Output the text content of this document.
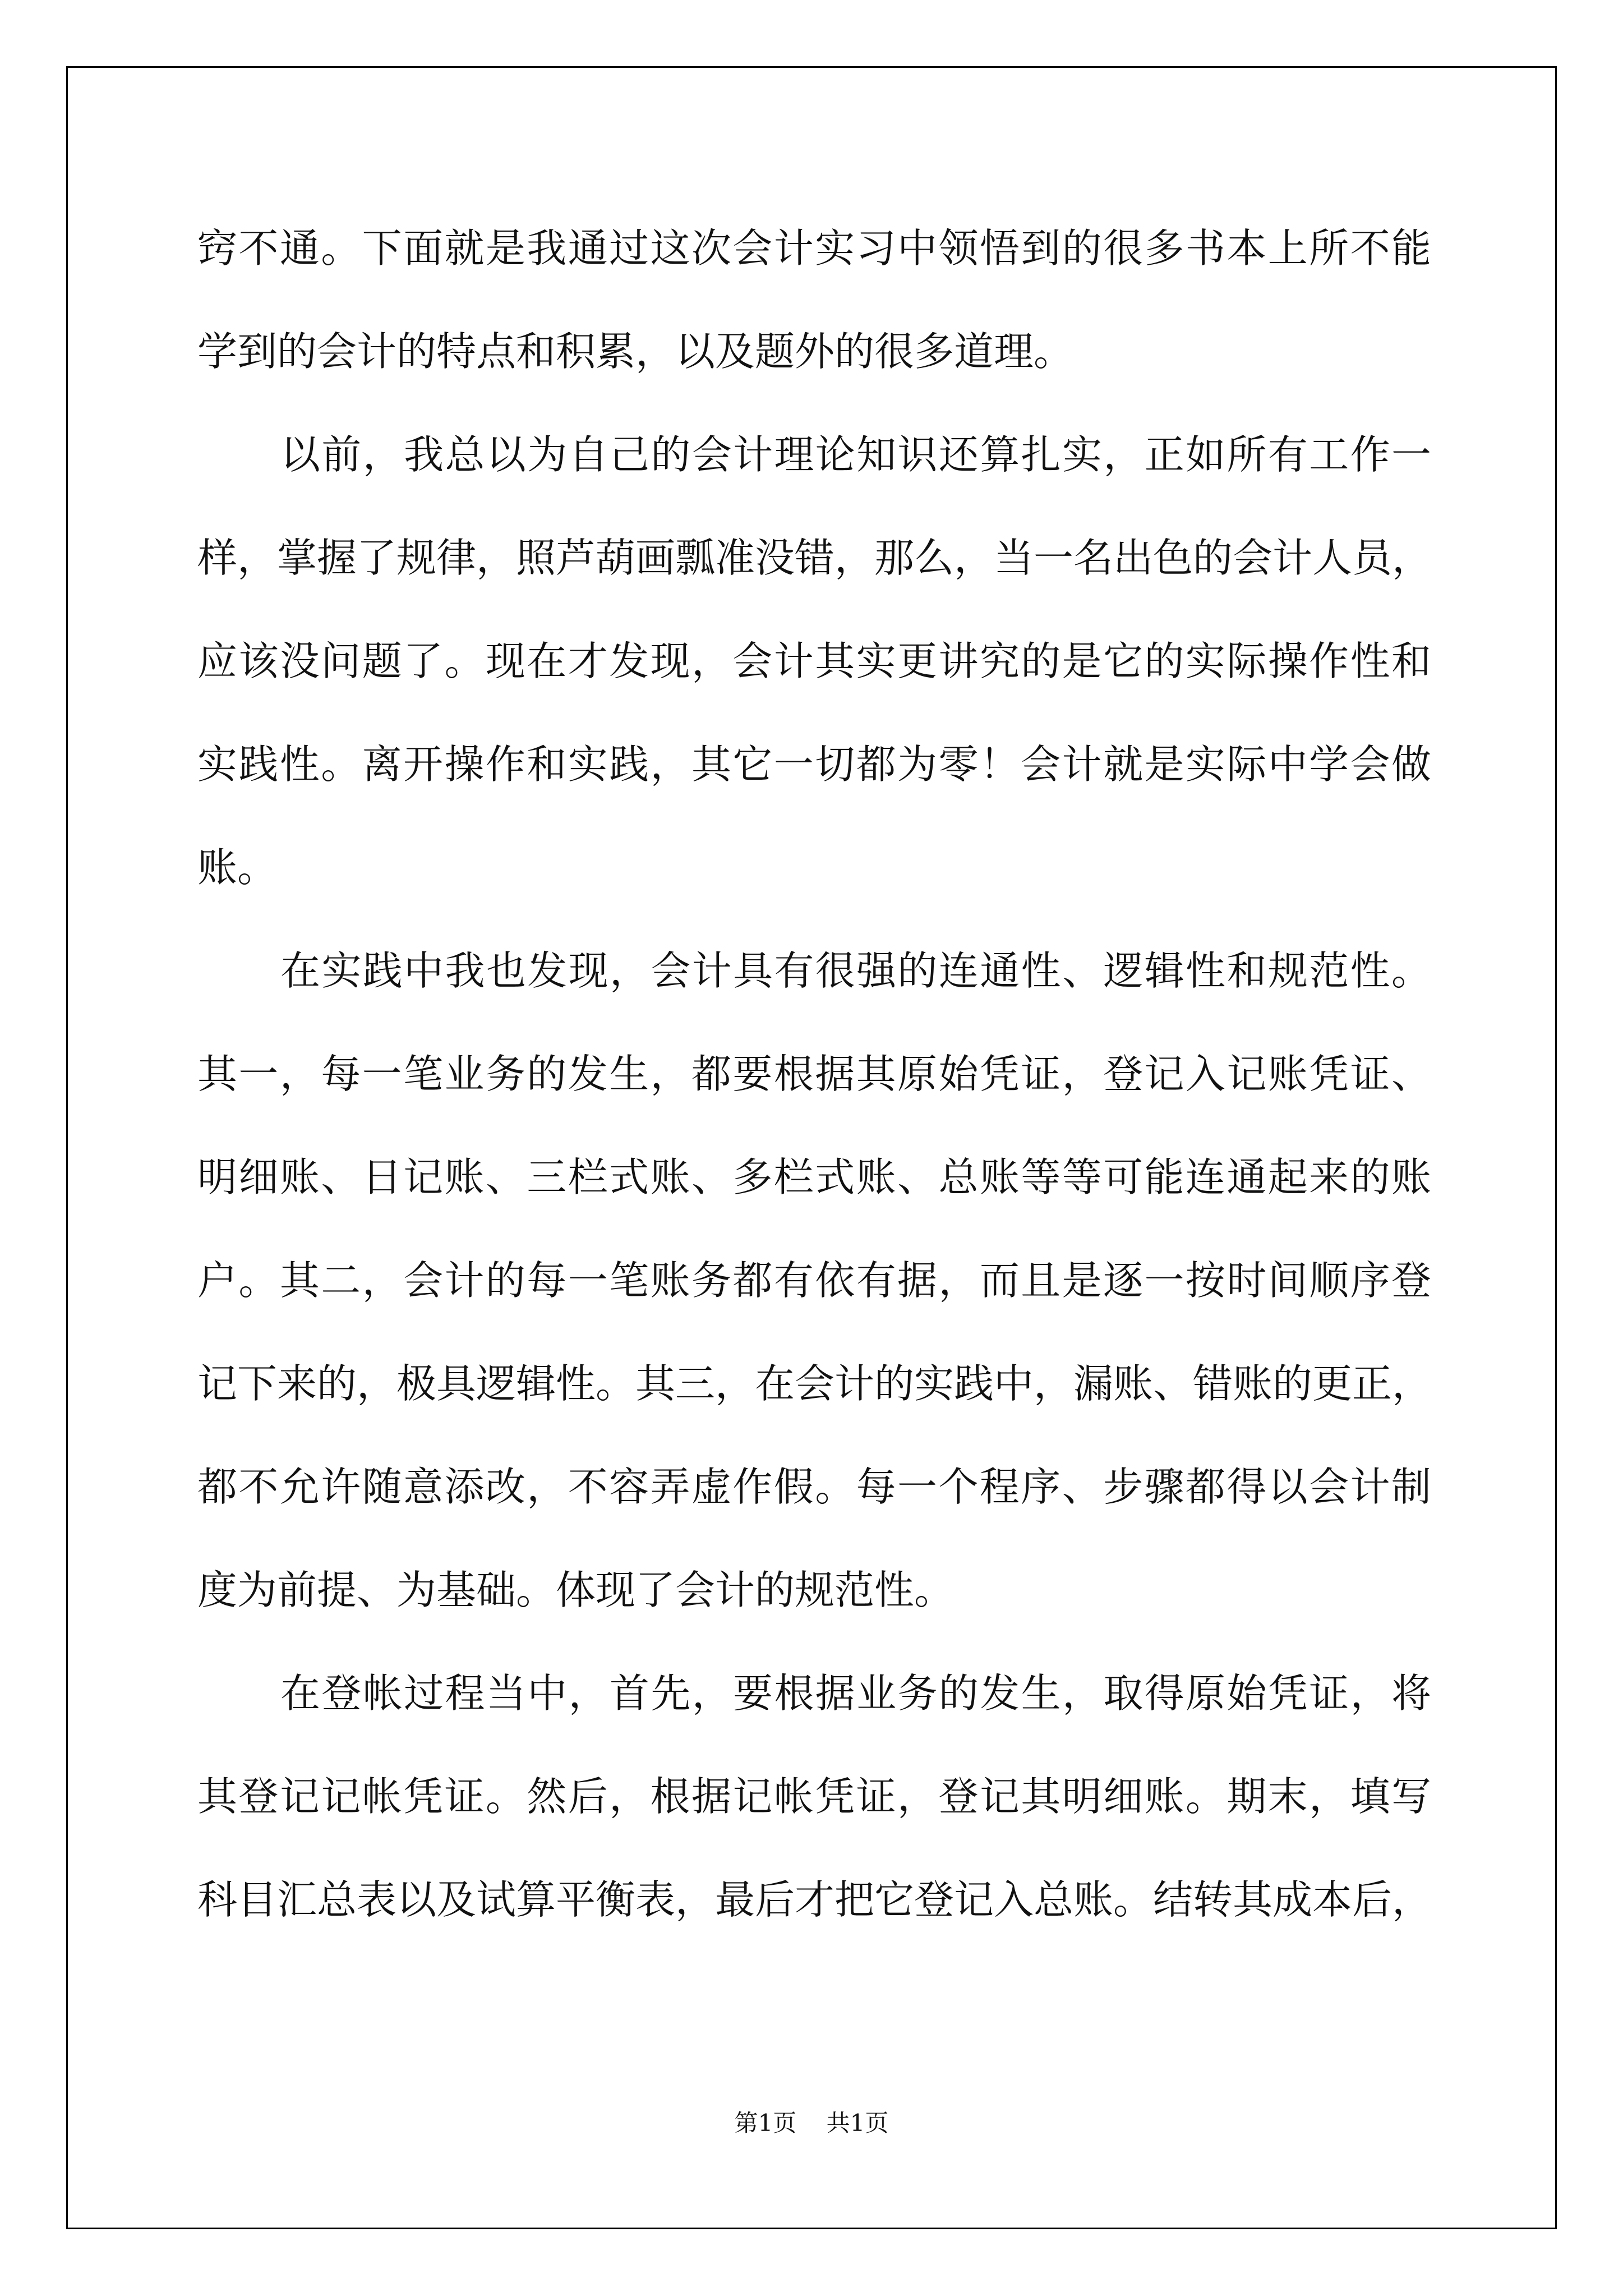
窍不通。下面就是我通过这次会计实习中领悟到的很多书本上所不能
学到的会计的特点和积累，以及题外的很多道理。
以前，我总以为自己的会计理论知识还算扎实，正如所有工作一
样，掌握了规律，照芦葫画瓢准没错，那么，当一名出色的会计人员，
应该没问题了。现在才发现，会计其实更讲究的是它的实际操作性和
实践性。离开操作和实践，其它一切都为零！会计就是实际中学会做
账。
在实践中我也发现，会计具有很强的连通性、逻辑性和规范性。
其一，每一笔业务的发生，都要根据其原始凭证，登记入记账凭证、
明细账、日记账、三栏式账、多栏式账、总账等等可能连通起来的账
户。其二，会计的每一笔账务都有依有据，而且是逐一按时间顺序登
记下来的，极具逻辑性。其三，在会计的实践中，漏账、错账的更正，
都不允许随意添改，不容弄虚作假。每一个程序、步骤都得以会计制
度为前提、为基础。体现了会计的规范性。
在登帐过程当中，首先，要根据业务的发生，取得原始凭证，将
其登记记帐凭证。然后，根据记帐凭证，登记其明细账。期末，填写
科目汇总表以及试算平衡表，最后才把它登记入总账。结转其成本后，
第1页    共1页
